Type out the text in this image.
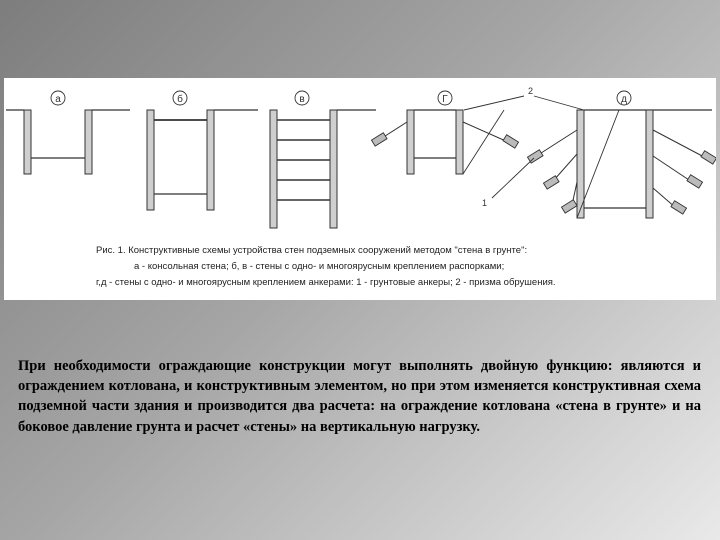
а	б	в	Г	д
2
1
Рис. 1. Конструктивные схемы устройства стен подземных сооружений методом "стена в грунте":
а - консольная стена; б, в - стены с одно- и многоярусным креплением распорками;
г,д - стены с одно- и многоярусным креплением анкерами: 1 - грунтовые анкеры; 2 - призма обрушения.
При необходимости ограждающие конструкции могут выполнять двойную функцию: являются и ограждением котлована, и конструктивным элементом, но при этом изменяется конструктивная схема подземной части здания и производится два расчета: на ограждение котлована «стена в грунте» и на боковое давление грунта и расчет «стены» на вертикальную нагрузку.
